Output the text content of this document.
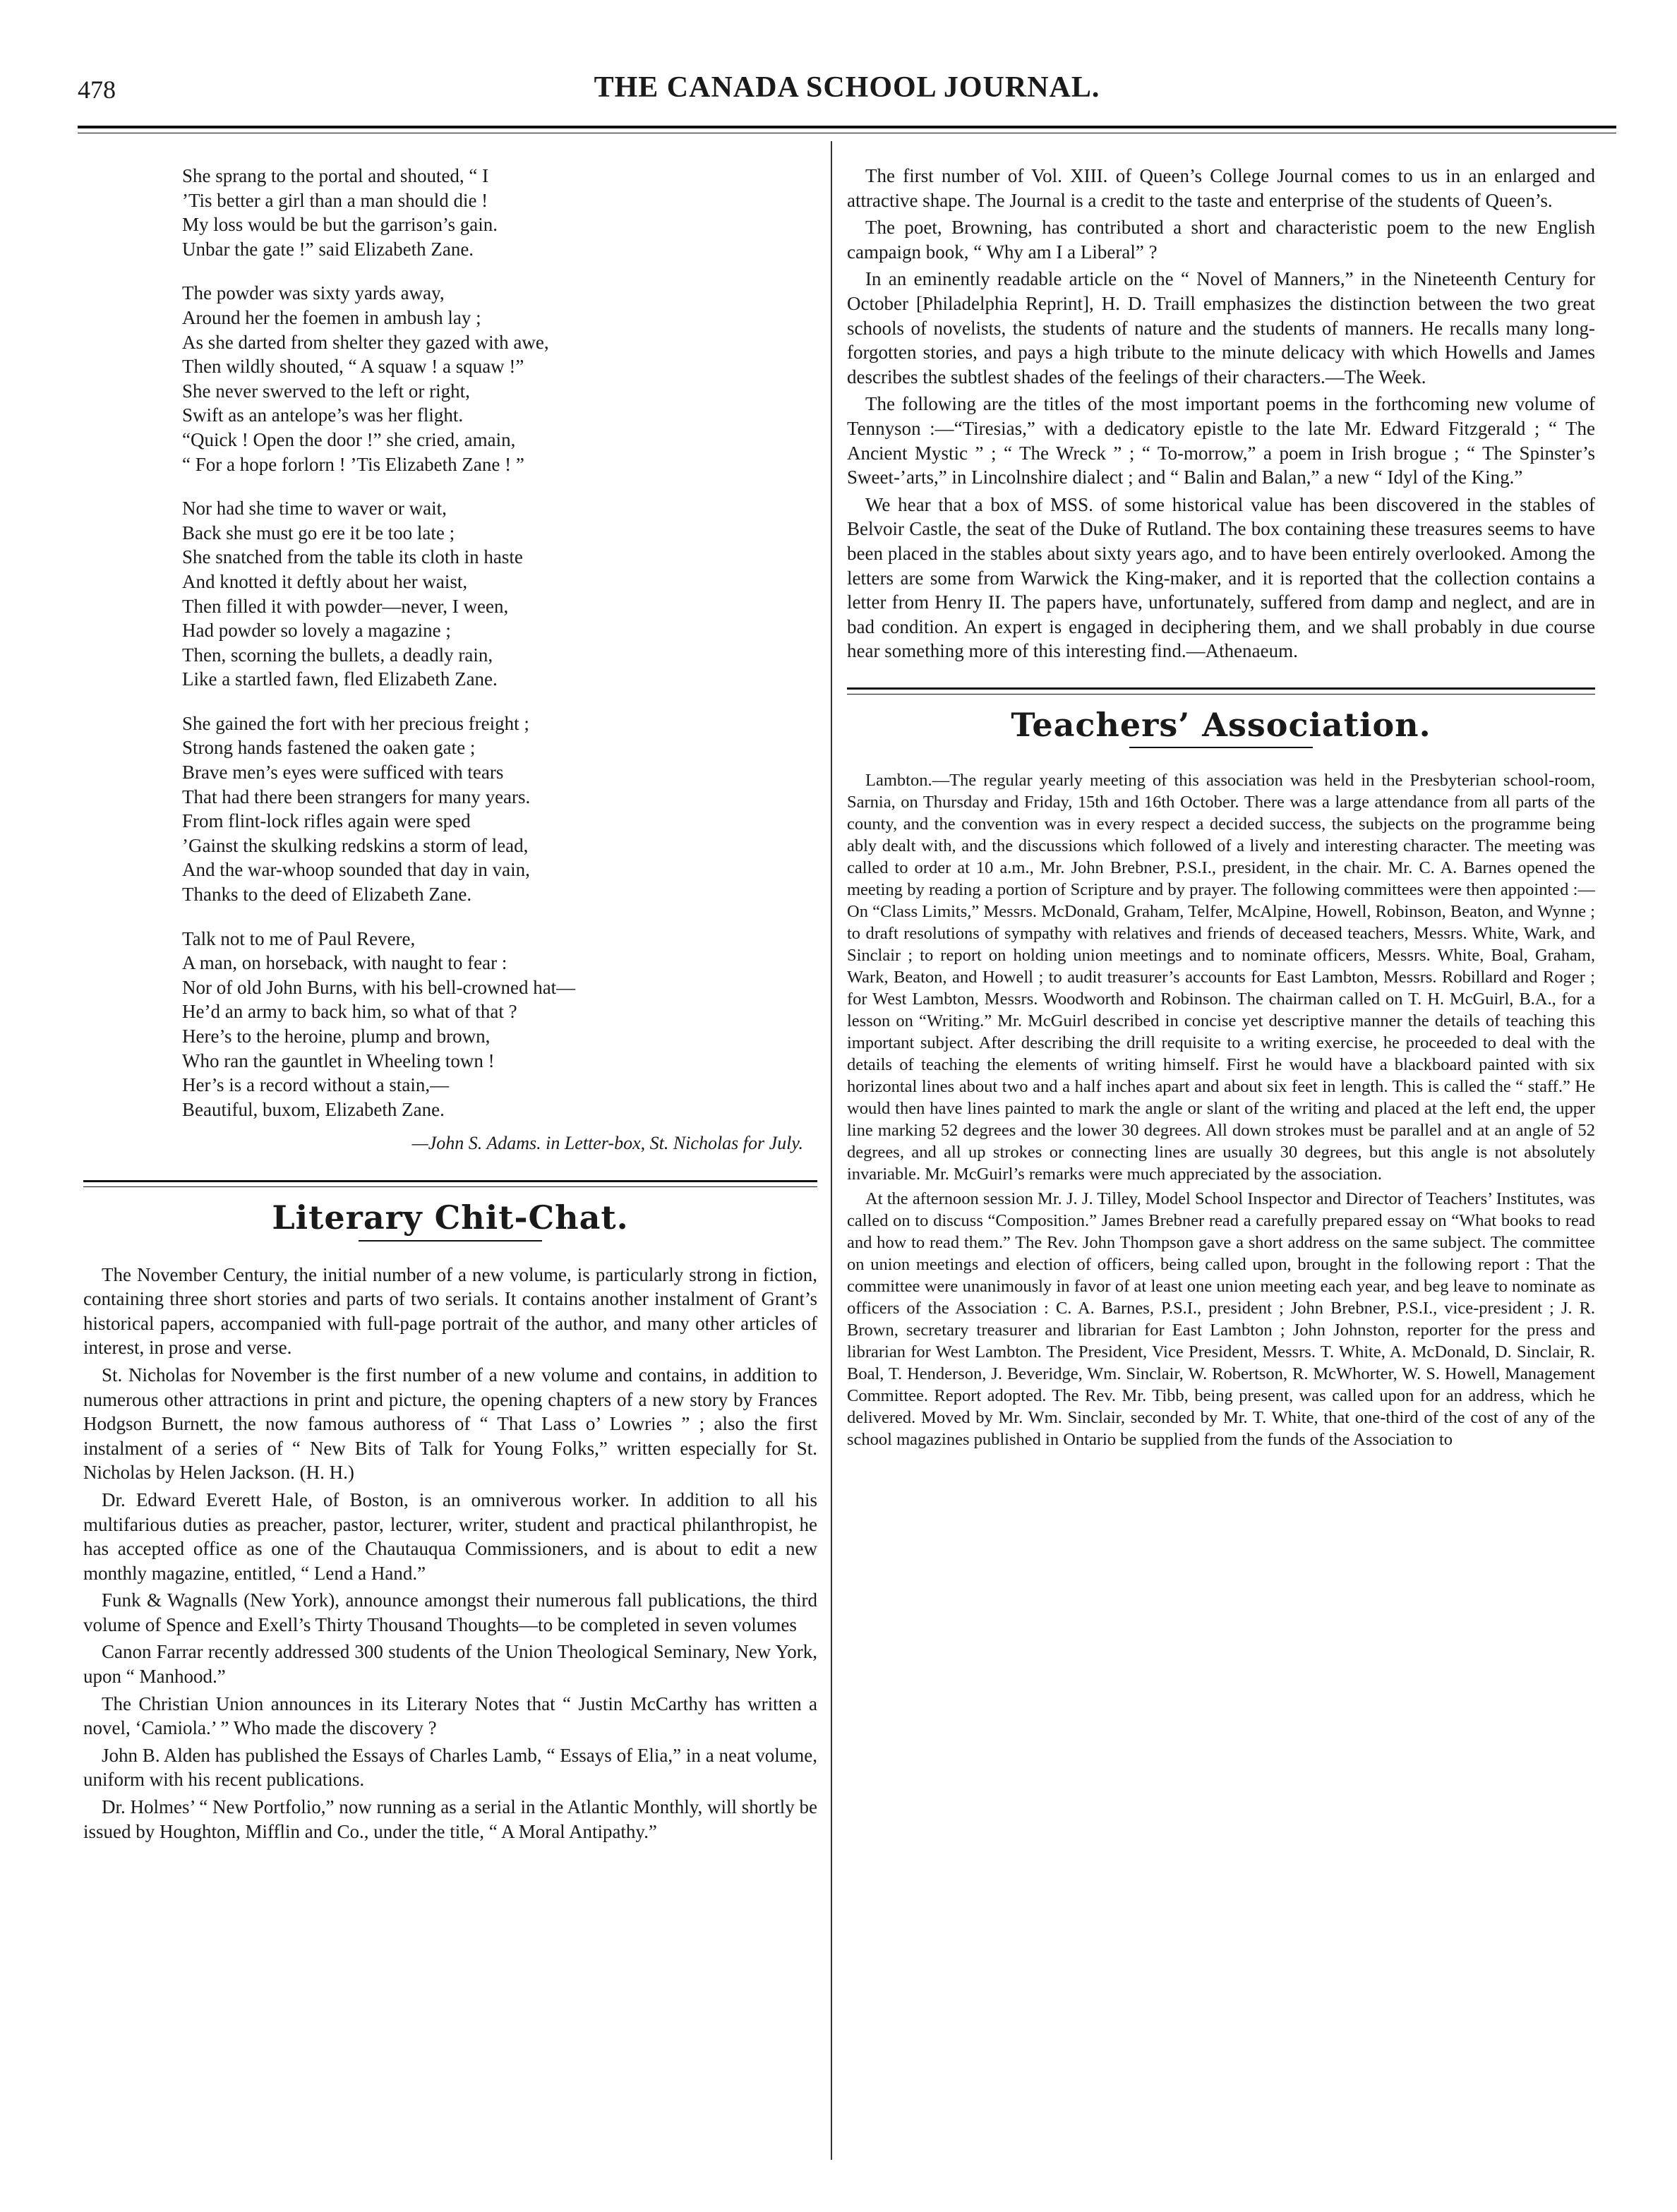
478	THE CANADA SCHOOL JOURNAL.
She sprang to the portal and shouted, “ I
’Tis better a girl than a man should die !
My loss would be but the garrison’s gain.
Unbar the gate !” said Elizabeth Zane.
The powder was sixty yards away,
Around her the foemen in ambush lay ;
As she darted from shelter they gazed with awe,
Then wildly shouted, “ A squaw ! a squaw !”
She never swerved to the left or right,
Swift as an antelope’s was her flight.
“Quick ! Open the door !” she cried, amain,
“ For a hope forlorn ! ’Tis Elizabeth Zane ! ”
Nor had she time to waver or wait,
Back she must go ere it be too late ;
She snatched from the table its cloth in haste
And knotted it deftly about her waist,
Then filled it with powder—never, I ween,
Had powder so lovely a magazine ;
Then, scorning the bullets, a deadly rain,
Like a startled fawn, fled Elizabeth Zane.
She gained the fort with her precious freight ;
Strong hands fastened the oaken gate ;
Brave men’s eyes were sufficed with tears
That had there been strangers for many years.
From flint-lock rifles again were sped
’Gainst the skulking redskins a storm of lead,
And the war-whoop sounded that day in vain,
Thanks to the deed of Elizabeth Zane.
Talk not to me of Paul Revere,
A man, on horseback, with naught to fear :
Nor of old John Burns, with his bell-crowned hat—
He’d an army to back him, so what of that ?
Here’s to the heroine, plump and brown,
Who ran the gauntlet in Wheeling town !
Her’s is a record without a stain,—
Beautiful, buxom, Elizabeth Zane.
—John S. Adams. in Letter-box, St. Nicholas for July.
Literary Chit-Chat.

The November Century, the initial number of a new volume, is particularly strong in fiction, containing three short stories and parts of two serials. It contains another instalment of Grant’s historical papers, accompanied with full-page portrait of the author, and many other articles of interest, in prose and verse.

St. Nicholas for November is the first number of a new volume and contains, in addition to numerous other attractions in print and picture, the opening chapters of a new story by Frances Hodgson Burnett, the now famous authoress of “ That Lass o’ Lowries ” ; also the first instalment of a series of “ New Bits of Talk for Young Folks,” written especially for St. Nicholas by Helen Jackson. (H. H.)

Dr. Edward Everett Hale, of Boston, is an omniverous worker. In addition to all his multifarious duties as preacher, pastor, lecturer, writer, student and practical philanthropist, he has accepted office as one of the Chautauqua Commissioners, and is about to edit a new monthly magazine, entitled, “ Lend a Hand.”

Funk & Wagnalls (New York), announce amongst their numerous fall publications, the third volume of Spence and Exell’s Thirty Thousand Thoughts—to be completed in seven volumes

Canon Farrar recently addressed 300 students of the Union Theological Seminary, New York, upon “ Manhood.”

The Christian Union announces in its Literary Notes that “ Justin McCarthy has written a novel, ‘Camiola.’ ” Who made the discovery ?

John B. Alden has published the Essays of Charles Lamb, “ Essays of Elia,” in a neat volume, uniform with his recent publications.

Dr. Holmes’ “ New Portfolio,” now running as a serial in the Atlantic Monthly, will shortly be issued by Houghton, Mifflin and Co., under the title, “ A Moral Antipathy.”

The first number of Vol. XIII. of Queen’s College Journal comes to us in an enlarged and attractive shape. The Journal is a credit to the taste and enterprise of the students of Queen’s.

The poet, Browning, has contributed a short and characteristic poem to the new English campaign book, “ Why am I a Liberal” ?

In an eminently readable article on the “ Novel of Manners,” in the Nineteenth Century for October [Philadelphia Reprint], H. D. Traill emphasizes the distinction between the two great schools of novelists, the students of nature and the students of manners. He recalls many long-forgotten stories, and pays a high tribute to the minute delicacy with which Howells and James describes the subtlest shades of the feelings of their characters.—The Week.

The following are the titles of the most important poems in the forthcoming new volume of Tennyson :—“Tiresias,” with a dedicatory epistle to the late Mr. Edward Fitzgerald ; “ The Ancient Mystic ” ; “ The Wreck ” ; “ To-morrow,” a poem in Irish brogue ; “ The Spinster’s Sweet-’arts,” in Lincolnshire dialect ; and “ Balin and Balan,” a new “ Idyl of the King.”

We hear that a box of MSS. of some historical value has been discovered in the stables of Belvoir Castle, the seat of the Duke of Rutland. The box containing these treasures seems to have been placed in the stables about sixty years ago, and to have been entirely overlooked. Among the letters are some from Warwick the King-maker, and it is reported that the collection contains a letter from Henry II. The papers have, unfortunately, suffered from damp and neglect, and are in bad condition. An expert is engaged in deciphering them, and we shall probably in due course hear something more of this interesting find.—Athenaeum.

Teachers’ Association.

Lambton.—The regular yearly meeting of this association was held in the Presbyterian school-room, Sarnia, on Thursday and Friday, 15th and 16th October. There was a large attendance from all parts of the county, and the convention was in every respect a decided success, the subjects on the programme being ably dealt with, and the discussions which followed of a lively and interesting character. The meeting was called to order at 10 a.m., Mr. John Brebner, P.S.I., president, in the chair. Mr. C. A. Barnes opened the meeting by reading a portion of Scripture and by prayer. The following committees were then appointed :—On “Class Limits,” Messrs. McDonald, Graham, Telfer, McAlpine, Howell, Robinson, Beaton, and Wynne ; to draft resolutions of sympathy with relatives and friends of deceased teachers, Messrs. White, Wark, and Sinclair ; to report on holding union meetings and to nominate officers, Messrs. White, Boal, Graham, Wark, Beaton, and Howell ; to audit treasurer’s accounts for East Lambton, Messrs. Robillard and Roger ; for West Lambton, Messrs. Woodworth and Robinson. The chairman called on T. H. McGuirl, B.A., for a lesson on “Writing.” Mr. McGuirl described in concise yet descriptive manner the details of teaching this important subject. After describing the drill requisite to a writing exercise, he proceeded to deal with the details of teaching the elements of writing himself. First he would have a blackboard painted with six horizontal lines about two and a half inches apart and about six feet in length. This is called the “ staff.” He would then have lines painted to mark the angle or slant of the writing and placed at the left end, the upper line marking 52 degrees and the lower 30 degrees. All down strokes must be parallel and at an angle of 52 degrees, and all up strokes or connecting lines are usually 30 degrees, but this angle is not absolutely invariable. Mr. McGuirl’s remarks were much appreciated by the association.

At the afternoon session Mr. J. J. Tilley, Model School Inspector and Director of Teachers’ Institutes, was called on to discuss “Composition.” James Brebner read a carefully prepared essay on “What books to read and how to read them.” The Rev. John Thompson gave a short address on the same subject. The committee on union meetings and election of officers, being called upon, brought in the following report : That the committee were unanimously in favor of at least one union meeting each year, and beg leave to nominate as officers of the Association : C. A. Barnes, P.S.I., president ; John Brebner, P.S.I., vice-president ; J. R. Brown, secretary treasurer and librarian for East Lambton ; John Johnston, reporter for the press and librarian for West Lambton. The President, Vice President, Messrs. T. White, A. McDonald, D. Sinclair, R. Boal, T. Henderson, J. Beveridge, Wm. Sinclair, W. Robertson, R. McWhorter, W. S. Howell, Management Committee. Report adopted. The Rev. Mr. Tibb, being present, was called upon for an address, which he delivered. Moved by Mr. Wm. Sinclair, seconded by Mr. T. White, that one-third of the cost of any of the school magazines published in Ontario be supplied from the funds of the Association to
